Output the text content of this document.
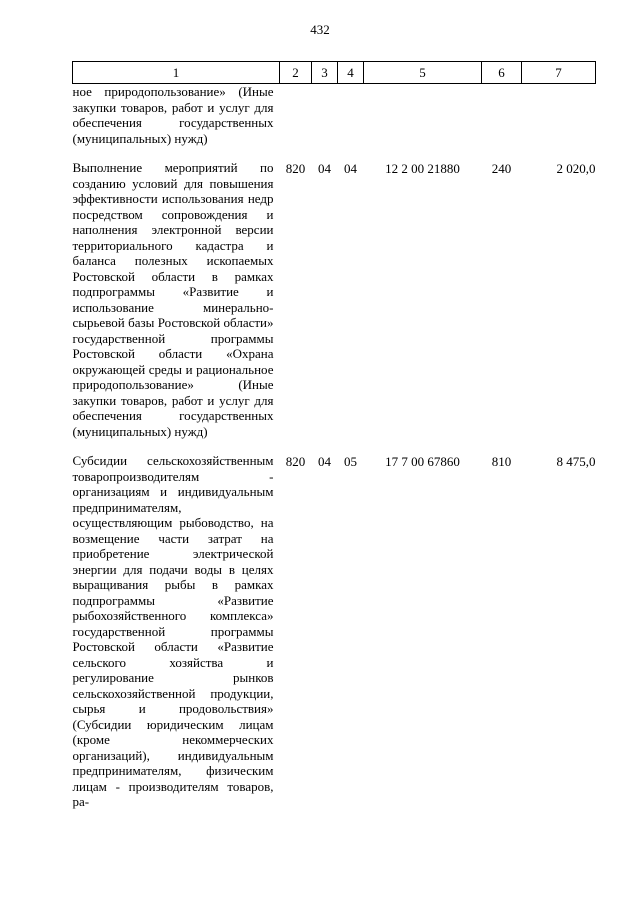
432
1	2	3	4	5	6	7
ное природопользование» (Иные закупки товаров, работ и услуг для обеспечения государственных (муниципальных) нужд)						

Выполнение мероприятий по созданию условий для повышения эффективности использования недр посредством сопровождения и наполнения электронной версии территориального кадастра и баланса полезных ископаемых Ростовской области в рамках подпрограммы «Развитие и использование минерально-сырьевой базы Ростовской области» государственной программы Ростовской области «Охрана окружающей среды и рациональное природопользование» (Иные закупки товаров, работ и услуг для обеспечения государственных (муниципальных) нужд)	820	04	04	12 2 00 21880	240	2 020,0

Субсидии сельскохозяйственным товаропроизводителям - организациям и индивидуальным предпринимателям, осуществляющим рыбоводство, на возмещение части затрат на приобретение электрической энергии для подачи воды в целях выращивания рыбы в рамках подпрограммы «Развитие рыбохозяйственного комплекса» государственной программы Ростовской области «Развитие сельского хозяйства и регулирование рынков сельскохозяйственной продукции, сырья и продовольствия» (Субсидии юридическим лицам (кроме некоммерческих организаций), индивидуальным предпринимателям, физическим лицам - производителям товаров, ра-	820	04	05	17 7 00 67860	810	8 475,0
